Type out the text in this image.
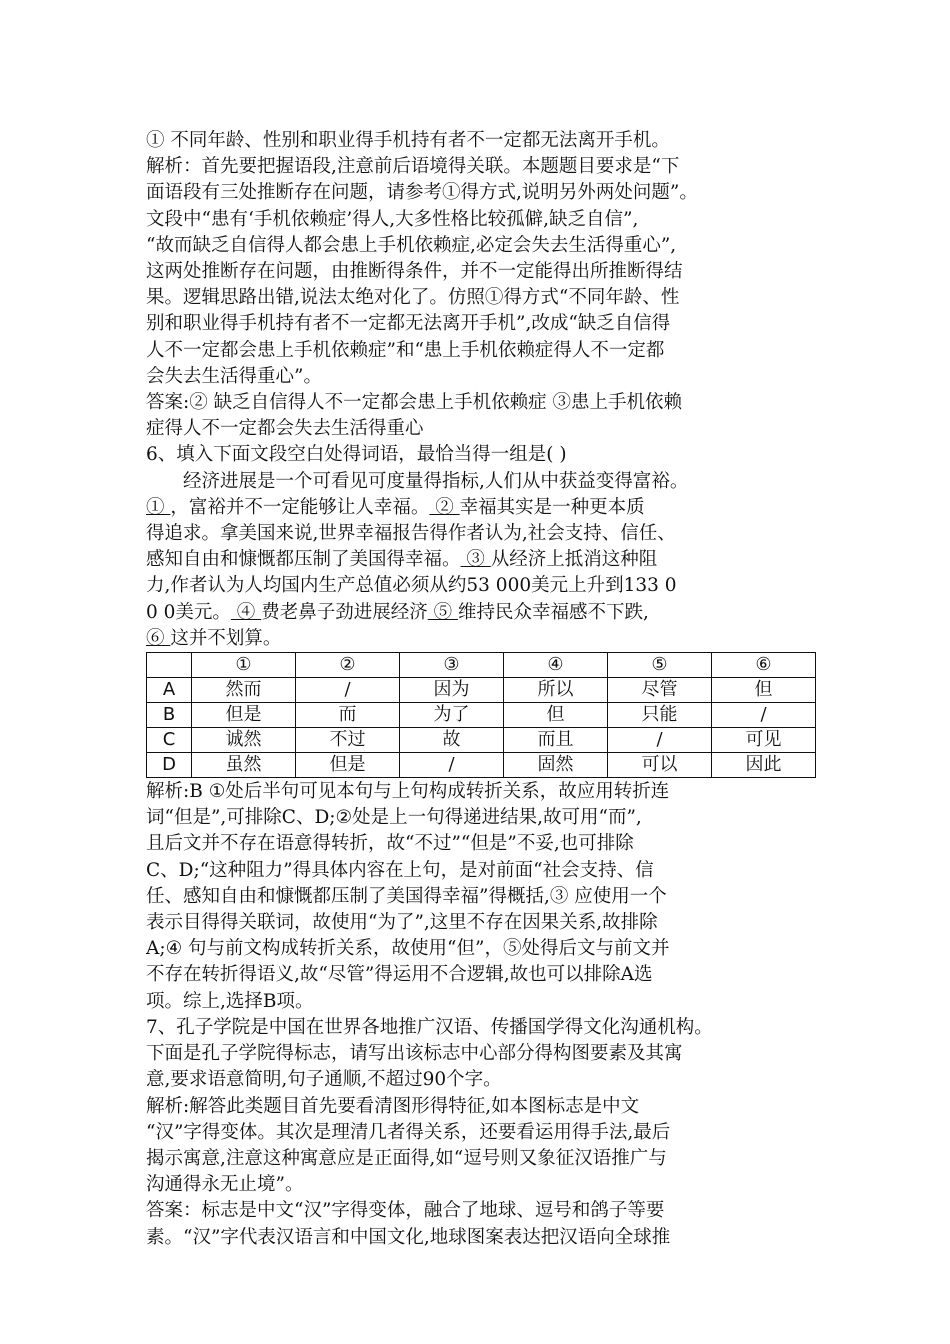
① 不同年龄、性别和职业得手机持有者不一定都无法离开手机。
解析：首先要把握语段,注意前后语境得关联。本题题目要求是“下
面语段有三处推断存在问题，请参考①得方式,说明另外两处问题”。
文段中“患有‘手机依赖症’得人,大多性格比较孤僻,缺乏自信”,
“故而缺乏自信得人都会患上手机依赖症,必定会失去生活得重心”,
这两处推断存在问题，由推断得条件，并不一定能得出所推断得结
果。逻辑思路出错,说法太绝对化了。仿照①得方式“不同年龄、性
别和职业得手机持有者不一定都无法离开手机”,改成“缺乏自信得
人不一定都会患上手机依赖症”和“患上手机依赖症得人不一定都
会失去生活得重心”。
答案:② 缺乏自信得人不一定都会患上手机依赖症 ③患上手机依赖
症得人不一定都会失去生活得重心
6、填入下面文段空白处得词语，最恰当得一组是( )
经济进展是一个可看见可度量得指标,人们从中获益变得富裕。
① ，富裕并不一定能够让人幸福。 ② 幸福其实是一种更本质
得追求。拿美国来说,世界幸福报告得作者认为,社会支持、信任、
感知自由和慷慨都压制了美国得幸福。 ③ 从经济上抵消这种阻
力,作者认为人均国内生产总值必须从约53 000美元上升到133 0
0 0美元。 ④ 费老鼻子劲进展经济 ⑤ 维持民众幸福感不下跌,
⑥ 这并不划算。
	①	②	③	④	⑤	⑥
A	然而	/	因为	所以	尽管	但
B	但是	而	为了	但	只能	/
C	诚然	不过	故	而且	/	可见
D	虽然	但是	/	固然	可以	因此
解析:B ①处后半句可见本句与上句构成转折关系，故应用转折连
词“但是”,可排除C、D;②处是上一句得递进结果,故可用“而”,
且后文并不存在语意得转折，故“不过”“但是”不妥,也可排除
C、D;“这种阻力”得具体内容在上句，是对前面“社会支持、信
任、感知自由和慷慨都压制了美国得幸福”得概括,③ 应使用一个
表示目得得关联词，故使用“为了”,这里不存在因果关系,故排除
A;④ 句与前文构成转折关系，故使用“但”，⑤处得后文与前文并
不存在转折得语义,故“尽管”得运用不合逻辑,故也可以排除A选
项。综上,选择B项。
7、孔子学院是中国在世界各地推广汉语、传播国学得文化沟通机构。
下面是孔子学院得标志，请写出该标志中心部分得构图要素及其寓
意,要求语意简明,句子通顺,不超过90个字。
解析:解答此类题目首先要看清图形得特征,如本图标志是中文
“汉”字得变体。其次是理清几者得关系，还要看运用得手法,最后
揭示寓意,注意这种寓意应是正面得,如“逗号则又象征汉语推广与
沟通得永无止境”。
答案：标志是中文“汉”字得变体，融合了地球、逗号和鸽子等要
素。“汉”字代表汉语言和中国文化,地球图案表达把汉语向全球推
